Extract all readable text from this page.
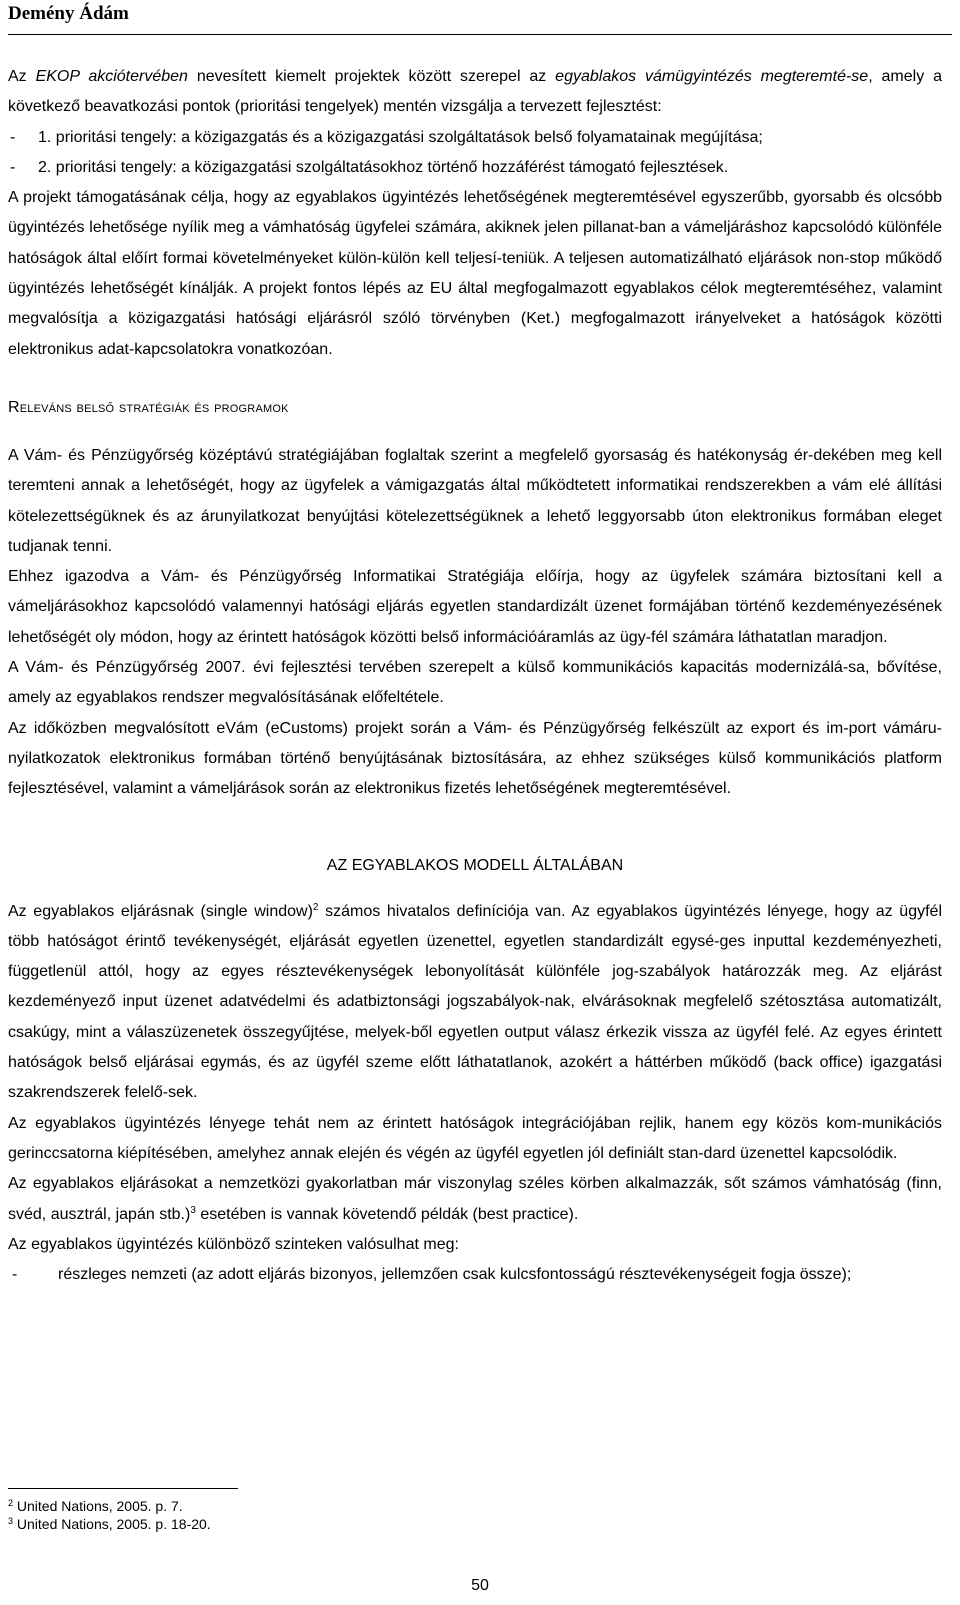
Demény Ádám

Az EKOP akciótervében nevesített kiemelt projektek között szerepel az egyablakos vámügyintézés megteremté-se, amely a következő beavatkozási pontok (prioritási tengelyek) mentén vizsgálja a tervezett fejlesztést:

- 1. prioritási tengely: a közigazgatás és a közigazgatási szolgáltatások belső folyamatainak megújítása;

- 2. prioritási tengely: a közigazgatási szolgáltatásokhoz történő hozzáférést támogató fejlesztések.

A projekt támogatásának célja, hogy az egyablakos ügyintézés lehetőségének megteremtésével egyszerűbb, gyorsabb és olcsóbb ügyintézés lehetősége nyílik meg a vámhatóság ügyfelei számára, akiknek jelen pillanat-ban a vámeljáráshoz kapcsolódó különféle hatóságok által előírt formai követelményeket külön-külön kell teljesí-teniük. A teljesen automatizálható eljárások non-stop működő ügyintézés lehetőségét kínálják. A projekt fontos lépés az EU által megfogalmazott egyablakos célok megteremtéséhez, valamint megvalósítja a közigazgatási hatósági eljárásról szóló törvényben (Ket.) megfogalmazott irányelveket a hatóságok közötti elektronikus adat-kapcsolatokra vonatkozóan.

Releváns belső stratégiák és programok

A Vám- és Pénzügyőrség középtávú stratégiájában foglaltak szerint a megfelelő gyorsaság és hatékonyság ér-dekében meg kell teremteni annak a lehetőségét, hogy az ügyfelek a vámigazgatás által működtetett informatikai rendszerekben a vám elé állítási kötelezettségüknek és az árunyilatkozat benyújtási kötelezettségüknek a lehető leggyorsabb úton elektronikus formában eleget tudjanak tenni.

Ehhez igazodva a Vám- és Pénzügyőrség Informatikai Stratégiája előírja, hogy az ügyfelek számára biztosítani kell a vámeljárásokhoz kapcsolódó valamennyi hatósági eljárás egyetlen standardizált üzenet formájában történő kezdeményezésének lehetőségét oly módon, hogy az érintett hatóságok közötti belső információáramlás az ügy-fél számára láthatatlan maradjon.

A Vám- és Pénzügyőrség 2007. évi fejlesztési tervében szerepelt a külső kommunikációs kapacitás modernizálá-sa, bővítése, amely az egyablakos rendszer megvalósításának előfeltétele.

Az időközben megvalósított eVám (eCustoms) projekt során a Vám- és Pénzügyőrség felkészült az export és im-port vámáru-nyilatkozatok elektronikus formában történő benyújtásának biztosítására, az ehhez szükséges külső kommunikációs platform fejlesztésével, valamint a vámeljárások során az elektronikus fizetés lehetőségének megteremtésével.

AZ EGYABLAKOS MODELL ÁLTALÁBAN

Az egyablakos eljárásnak (single window)$^2$ számos hivatalos definíciója van. Az egyablakos ügyintézés lényege, hogy az ügyfél több hatóságot érintő tevékenységét, eljárását egyetlen üzenettel, egyetlen standardizált egysé-ges inputtal kezdeményezheti, függetlenül attól, hogy az egyes résztevékenységek lebonyolítását különféle jog-szabályok határozzák meg. Az eljárást kezdeményező input üzenet adatvédelmi és adatbiztonsági jogszabályok-nak, elvárásoknak megfelelő szétosztása automatizált, csakúgy, mint a válaszüzenetek összegyűjtése, melyek-ből egyetlen output válasz érkezik vissza az ügyfél felé. Az egyes érintett hatóságok belső eljárásai egymás, és az ügyfél szeme előtt láthatatlanok, azokért a háttérben működő (back office) igazgatási szakrendszerek felelő-sek.

Az egyablakos ügyintézés lényege tehát nem az érintett hatóságok integrációjában rejlik, hanem egy közös kom-munikációs gerinccsatorna kiépítésében, amelyhez annak elején és végén az ügyfél egyetlen jól definiált stan-dard üzenettel kapcsolódik.

Az egyablakos eljárásokat a nemzetközi gyakorlatban már viszonylag széles körben alkalmazzák, sőt számos vámhatóság (finn, svéd, ausztrál, japán stb.)$^3$ esetében is vannak követendő példák (best practice).

Az egyablakos ügyintézés különböző szinteken valósulhat meg:

-	részleges nemzeti (az adott eljárás bizonyos, jellemzően csak kulcsfontosságú résztevékenységeit fogja össze);

$^2$ United Nations, 2005. p. 7.
$^3$ United Nations, 2005. p. 18-20.
50
